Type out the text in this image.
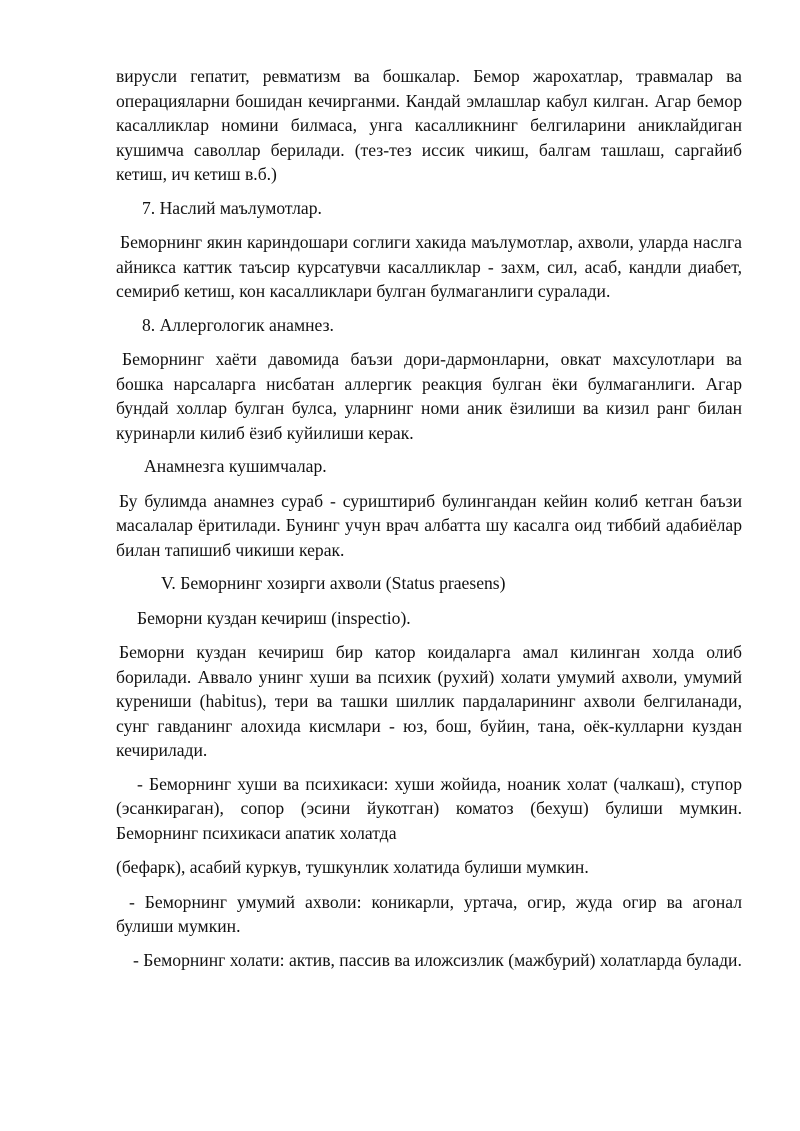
вирусли гепатит, ревматизм ва бошкалар. Бемор жарохатлар, травмалар ва операцияларни бошидан кечирганми. Кандай эмлашлар кабул килган. Агар бемор касалликлар номини билмаса, унга касалликнинг белгиларини аниклайдиган кушимча саволлар берилади. (тез-тез иссик чикиш, балгам ташлаш, саргайиб кетиш, ич кетиш в.б.)

7. Наслий маълумотлар.

Беморнинг якин кариндошари соглиги хакида маълумотлар, ахволи, уларда наслга айникса каттик таъсир курсатувчи касалликлар - захм, сил, асаб, кандли диабет, семириб кетиш, кон касалликлари булган булмаганлиги суралади.

8. Аллергологик анамнез.

Беморнинг хаёти давомида баъзи дори-дармонларни, овкат махсулотлари ва бошка нарсаларга нисбатан аллергик реакция булган ёки булмаганлиги. Агар бундай холлар булган булса, уларнинг номи аник ёзилиши ва кизил ранг билан куринарли килиб ёзиб куйилиши керак.

Анамнезга кушимчалар.

Бу булимда анамнез сураб - суриштириб булингандан кейин колиб кетган баъзи масалалар ёритилади. Бунинг учун врач албатта шу касалга оид тиббий адабиёлар билан тапишиб чикиши керак.

V. Беморнинг хозирги ахволи (Status praesens)

Беморни куздан кечириш (inspectio).

Беморни куздан кечириш бир катор коидаларга амал килинган холда олиб борилади. Аввало унинг хуши ва психик (рухий) холати умумий ахволи, умумий курениши (habitus), тери ва ташки шиллик пардаларининг ахволи белгиланади, сунг гавданинг алохида кисмлари - юз, бош, буйин, тана, оёк-кулларни куздан кечирилади.

- Беморнинг хуши ва психикаси: хуши жойида, ноаник холат (чалкаш), ступор (эсанкираган), сопор (эсини йукотган) коматоз (бехуш) булиши мумкин. Беморнинг психикаси апатик холатда

(бефарк), асабий куркув, тушкунлик холатида булиши мумкин.

- Беморнинг умумий ахволи: коникарли, уртача, огир, жуда огир ва агонал булиши мумкин.

- Беморнинг холати: актив, пассив ва иложсизлик (мажбурий) холатларда булади.
